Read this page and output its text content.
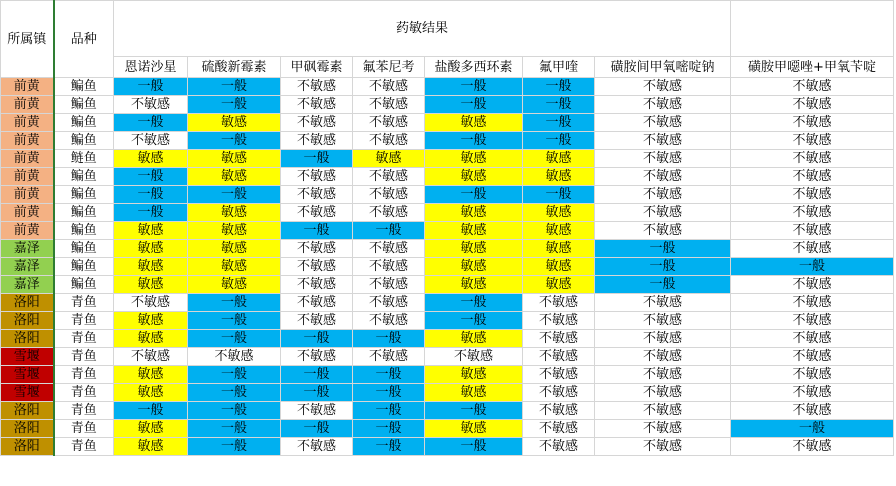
所属镇	品种	药敏结果							
		恩诺沙星	硫酸新霉素	甲砜霉素	氟苯尼考	盐酸多西环素	氟甲喹	磺胺间甲氧嘧啶钠	磺胺甲噁唑+甲氧苄啶
前黄	鳊鱼	一般	一般	不敏感	不敏感	一般	一般	不敏感	不敏感
前黄	鳊鱼	不敏感	一般	不敏感	不敏感	一般	一般	不敏感	不敏感
前黄	鳊鱼	一般	敏感	不敏感	不敏感	敏感	一般	不敏感	不敏感
前黄	鳊鱼	不敏感	一般	不敏感	不敏感	一般	一般	不敏感	不敏感
前黄	鲢鱼	敏感	敏感	一般	敏感	敏感	敏感	不敏感	不敏感
前黄	鳊鱼	一般	敏感	不敏感	不敏感	敏感	敏感	不敏感	不敏感
前黄	鳊鱼	一般	一般	不敏感	不敏感	一般	一般	不敏感	不敏感
前黄	鳊鱼	一般	敏感	不敏感	不敏感	敏感	敏感	不敏感	不敏感
前黄	鳊鱼	敏感	敏感	一般	一般	敏感	敏感	不敏感	不敏感
嘉泽	鳊鱼	敏感	敏感	不敏感	不敏感	敏感	敏感	一般	不敏感
嘉泽	鳊鱼	敏感	敏感	不敏感	不敏感	敏感	敏感	一般	一般
嘉泽	鳊鱼	敏感	敏感	不敏感	不敏感	敏感	敏感	一般	不敏感
洛阳	青鱼	不敏感	一般	不敏感	不敏感	一般	不敏感	不敏感	不敏感
洛阳	青鱼	敏感	一般	不敏感	不敏感	一般	不敏感	不敏感	不敏感
洛阳	青鱼	敏感	一般	一般	一般	敏感	不敏感	不敏感	不敏感
雪堰	青鱼	不敏感	不敏感	不敏感	不敏感	不敏感	不敏感	不敏感	不敏感
雪堰	青鱼	敏感	一般	一般	一般	敏感	不敏感	不敏感	不敏感
雪堰	青鱼	敏感	一般	一般	一般	敏感	不敏感	不敏感	不敏感
洛阳	青鱼	一般	一般	不敏感	一般	一般	不敏感	不敏感	不敏感
洛阳	青鱼	敏感	一般	一般	一般	敏感	不敏感	不敏感	一般
洛阳	青鱼	敏感	一般	不敏感	一般	一般	不敏感	不敏感	不敏感
